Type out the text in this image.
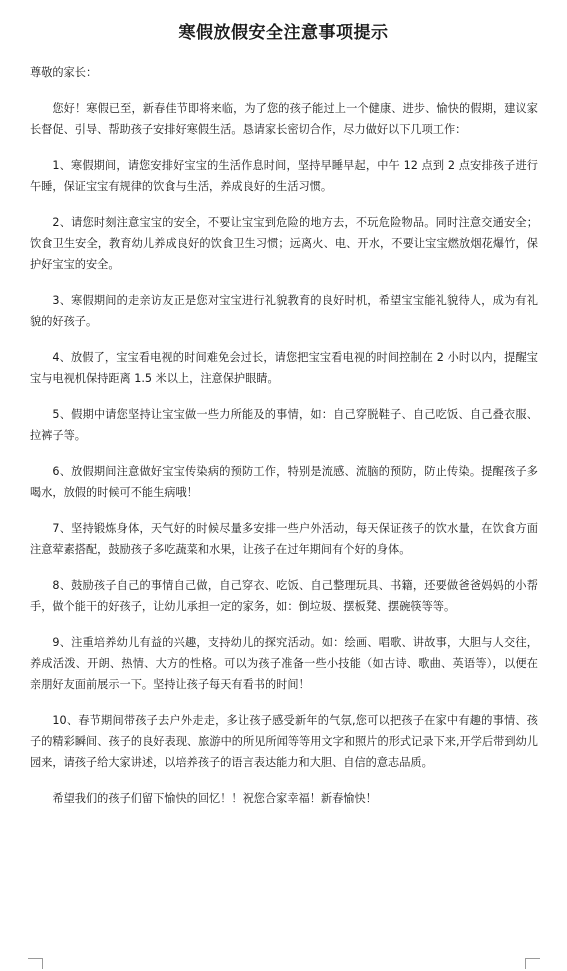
寒假放假安全注意事项提示

尊敬的家长：

您好！寒假已至，新春佳节即将来临，为了您的孩子能过上一个健康、进步、愉快的假期，建议家长督促、引导、帮助孩子安排好寒假生活。恳请家长密切合作，尽力做好以下几项工作：

1、寒假期间，请您安排好宝宝的生活作息时间，坚持早睡早起，中午 12 点到 2 点安排孩子进行午睡，保证宝宝有规律的饮食与生活，养成良好的生活习惯。

2、请您时刻注意宝宝的安全，不要让宝宝到危险的地方去，不玩危险物品。同时注意交通安全；饮食卫生安全，教育幼儿养成良好的饮食卫生习惯；远离火、电、开水，不要让宝宝燃放烟花爆竹，保护好宝宝的安全。

3、寒假期间的走亲访友正是您对宝宝进行礼貌教育的良好时机，希望宝宝能礼貌待人，成为有礼貌的好孩子。

4、放假了，宝宝看电视的时间难免会过长，请您把宝宝看电视的时间控制在 2 小时以内，提醒宝宝与电视机保持距离 1.5 米以上，注意保护眼睛。

5、假期中请您坚持让宝宝做一些力所能及的事情，如：自己穿脱鞋子、自己吃饭、自己叠衣服、拉裤子等。

6、放假期间注意做好宝宝传染病的预防工作，特别是流感、流脑的预防，防止传染。提醒孩子多喝水，放假的时候可不能生病哦！

7、坚持锻炼身体，天气好的时候尽量多安排一些户外活动，每天保证孩子的饮水量，在饮食方面注意荤素搭配，鼓励孩子多吃蔬菜和水果，让孩子在过年期间有个好的身体。

8、鼓励孩子自己的事情自己做，自己穿衣、吃饭、自己整理玩具、书籍，还要做爸爸妈妈的小帮手，做个能干的好孩子，让幼儿承担一定的家务，如：倒垃圾、摆板凳、摆碗筷等等。

9、注重培养幼儿有益的兴趣，支持幼儿的探究活动。如：绘画、唱歌、讲故事，大胆与人交往，养成活泼、开朗、热情、大方的性格。可以为孩子准备一些小技能（如古诗、歌曲、英语等），以便在亲朋好友面前展示一下。坚持让孩子每天有看书的时间！

10、春节期间带孩子去户外走走，多让孩子感受新年的气氛,您可以把孩子在家中有趣的事情、孩子的精彩瞬间、孩子的良好表现、旅游中的所见所闻等等用文字和照片的形式记录下来,开学后带到幼儿园来，请孩子给大家讲述，以培养孩子的语言表达能力和大胆、自信的意志品质。

希望我们的孩子们留下愉快的回忆！！祝您合家幸福！新春愉快！
